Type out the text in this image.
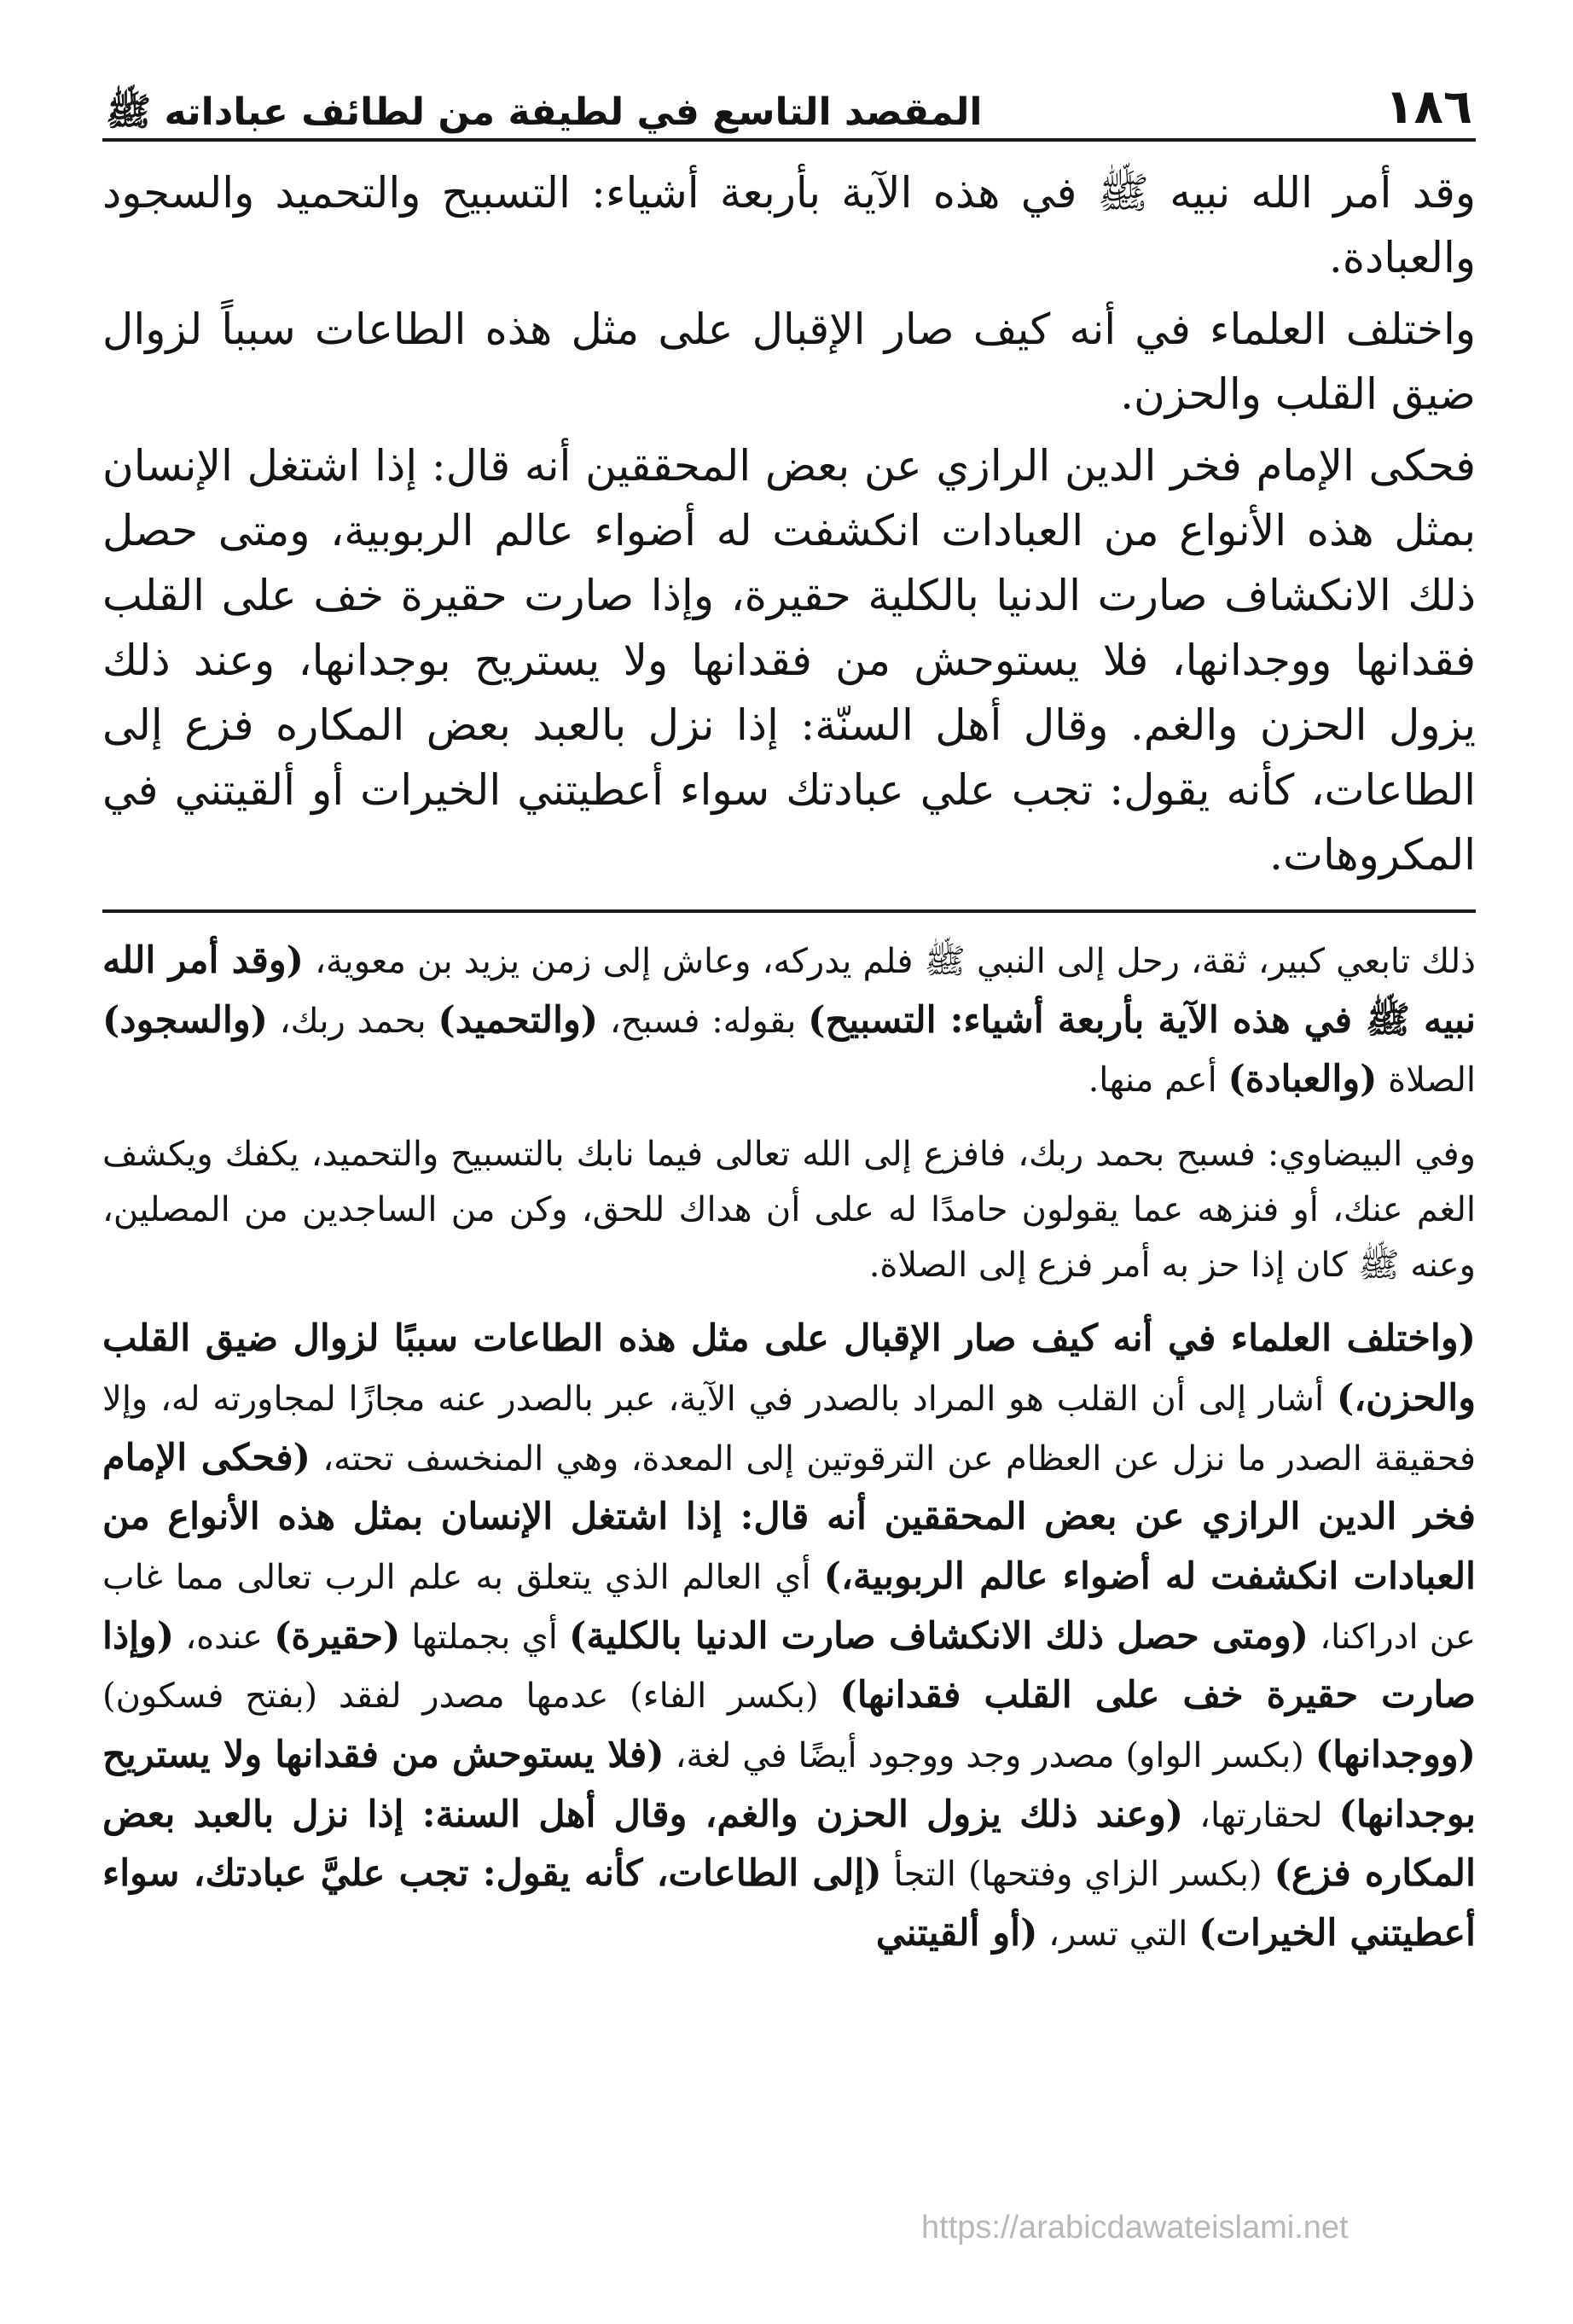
١٨٦
المقصد التاسع في لطيفة من لطائف عباداته ﷺ

وقد أمر الله نبيه ﷺ في هذه الآية بأربعة أشياء: التسبيح والتحميد والسجود والعبادة.

واختلف العلماء في أنه كيف صار الإقبال على مثل هذه الطاعات سبباً لزوال ضيق القلب والحزن.

فحكى الإمام فخر الدين الرازي عن بعض المحققين أنه قال: إذا اشتغل الإنسان بمثل هذه الأنواع من العبادات انكشفت له أضواء عالم الربوبية، ومتى حصل ذلك الانكشاف صارت الدنيا بالكلية حقيرة، وإذا صارت حقيرة خف على القلب فقدانها ووجدانها، فلا يستوحش من فقدانها ولا يستريح بوجدانها، وعند ذلك يزول الحزن والغم. وقال أهل السنّة: إذا نزل بالعبد بعض المكاره فزع إلى الطاعات، كأنه يقول: تجب علي عبادتك سواء أعطيتني الخيرات أو ألقيتني في المكروهات.

ذلك تابعي كبير، ثقة، رحل إلى النبي ﷺ فلم يدركه، وعاش إلى زمن يزيد بن معوية، (وقد أمر الله نبيه ﷺ في هذه الآية بأربعة أشياء: التسبيح) بقوله: فسبح، (والتحميد) بحمد ربك، (والسجود) الصلاة (والعبادة) أعم منها.

وفي البيضاوي: فسبح بحمد ربك، فافزع إلى الله تعالى فيما نابك بالتسبيح والتحميد، يكفك ويكشف الغم عنك، أو فنزهه عما يقولون حامدًا له على أن هداك للحق، وكن من الساجدين من المصلين، وعنه ﷺ كان إذا حز به أمر فزع إلى الصلاة.

(واختلف العلماء في أنه كيف صار الإقبال على مثل هذه الطاعات سببًا لزوال ضيق القلب والحزن،) أشار إلى أن القلب هو المراد بالصدر في الآية، عبر بالصدر عنه مجازًا لمجاورته له، وإلا فحقيقة الصدر ما نزل عن العظام عن الترقوتين إلى المعدة، وهي المنخسف تحته، (فحكى الإمام فخر الدين الرازي عن بعض المحققين أنه قال: إذا اشتغل الإنسان بمثل هذه الأنواع من العبادات انكشفت له أضواء عالم الربوبية،) أي العالم الذي يتعلق به علم الرب تعالى مما غاب عن ادراكنا، (ومتى حصل ذلك الانكشاف صارت الدنيا بالكلية) أي بجملتها (حقيرة) عنده، (وإذا صارت حقيرة خف على القلب فقدانها) (بكسر الفاء) عدمها مصدر لفقد (بفتح فسكون) (ووجدانها) (بكسر الواو) مصدر وجد ووجود أيضًا في لغة، (فلا يستوحش من فقدانها ولا يستريح بوجدانها) لحقارتها، (وعند ذلك يزول الحزن والغم، وقال أهل السنة: إذا نزل بالعبد بعض المكاره فزع) (بكسر الزاي وفتحها) التجأ (إلى الطاعات، كأنه يقول: تجب عليَّ عبادتك، سواء أعطيتني الخيرات) التي تسر، (أو ألقيتني

https://arabicdawateislami.net
